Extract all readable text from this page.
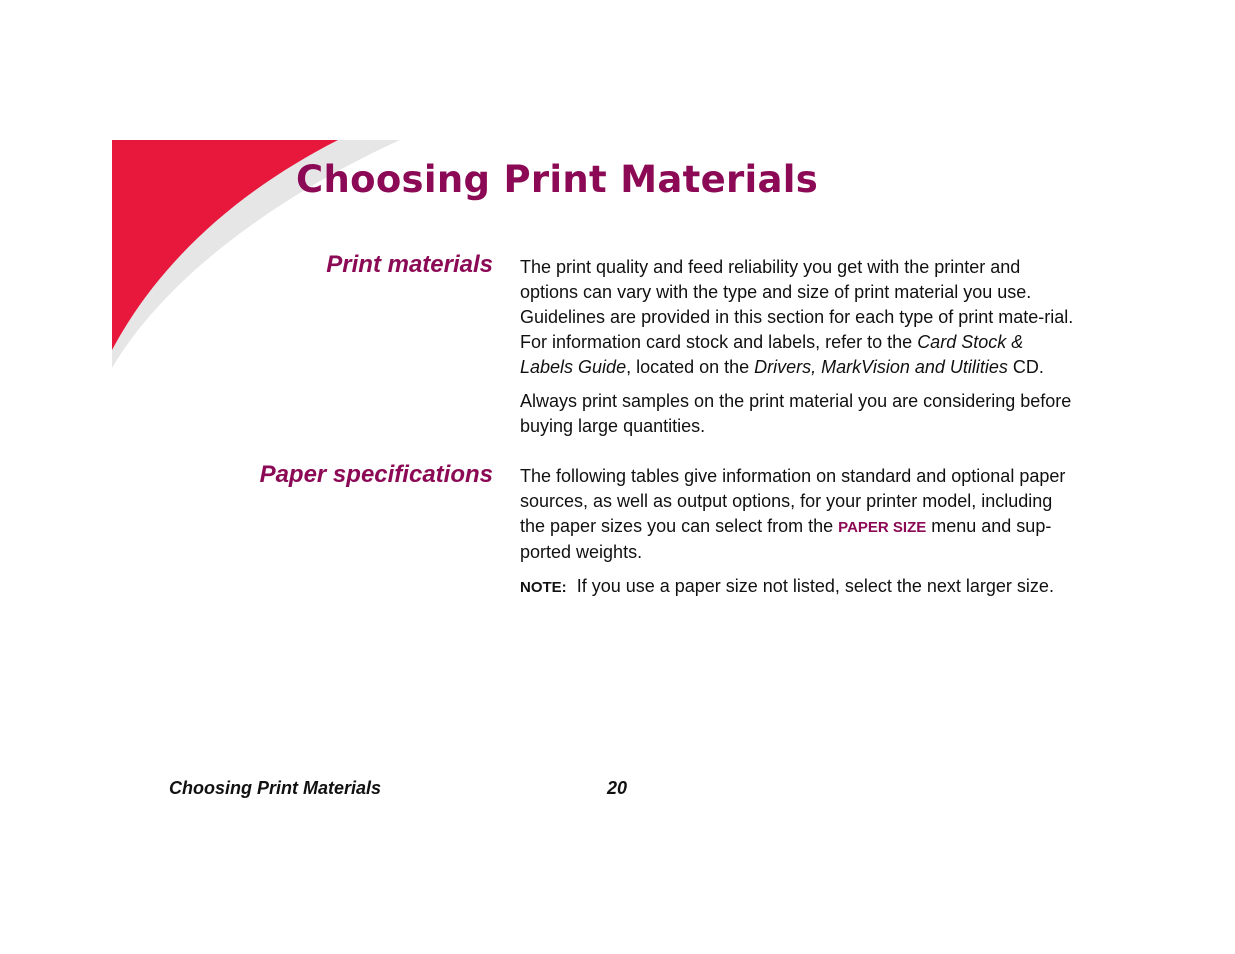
Choosing Print Materials
Print materials The print quality and feed reliability you get with the printer and options can vary with the type and size of print material you use. Guidelines are provided in this section for each type of print mate-rial. For information card stock and labels, refer to the Card Stock & Labels Guide, located on the Drivers, MarkVision and Utilities CD.

Always print samples on the print material you are considering before buying large quantities.

Paper specifications The following tables give information on standard and optional paper sources, as well as output options, for your printer model, including the paper sizes you can select from the PAPER SIZE menu and sup-ported weights.

NOTE: If you use a paper size not listed, select the next larger size.

Choosing Print Materials	20
